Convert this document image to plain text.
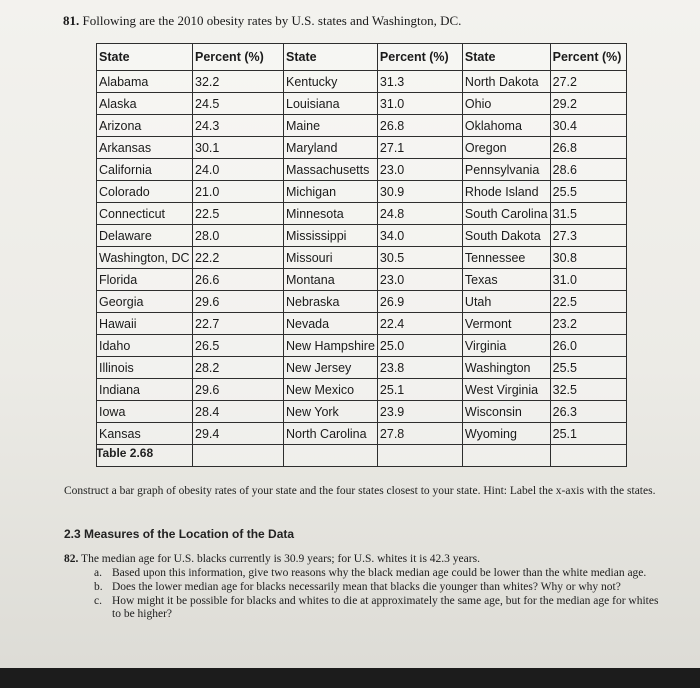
81. Following are the 2010 obesity rates by U.S. states and Washington, DC.
State	Percent (%)	State	Percent (%)	State	Percent (%)
Alabama	32.2	Kentucky	31.3	North Dakota	27.2
Alaska	24.5	Louisiana	31.0	Ohio	29.2
Arizona	24.3	Maine	26.8	Oklahoma	30.4
Arkansas	30.1	Maryland	27.1	Oregon	26.8
California	24.0	Massachusetts	23.0	Pennsylvania	28.6
Colorado	21.0	Michigan	30.9	Rhode Island	25.5
Connecticut	22.5	Minnesota	24.8	South Carolina	31.5
Delaware	28.0	Mississippi	34.0	South Dakota	27.3
Washington, DC	22.2	Missouri	30.5	Tennessee	30.8
Florida	26.6	Montana	23.0	Texas	31.0
Georgia	29.6	Nebraska	26.9	Utah	22.5
Hawaii	22.7	Nevada	22.4	Vermont	23.2
Idaho	26.5	New Hampshire	25.0	Virginia	26.0
Illinois	28.2	New Jersey	23.8	Washington	25.5
Indiana	29.6	New Mexico	25.1	West Virginia	32.5
Iowa	28.4	New York	23.9	Wisconsin	26.3
Kansas	29.4	North Carolina	27.8	Wyoming	25.1

Table 2.68
Construct a bar graph of obesity rates of your state and the four states closest to your state. Hint: Label the x-axis with the states.
2.3 Measures of the Location of the Data
82. The median age for U.S. blacks currently is 30.9 years; for U.S. whites it is 42.3 years.
a. Based upon this information, give two reasons why the black median age could be lower than the white median age.
b. Does the lower median age for blacks necessarily mean that blacks die younger than whites? Why or why not?
c. How might it be possible for blacks and whites to die at approximately the same age, but for the median age for whites to be higher?
